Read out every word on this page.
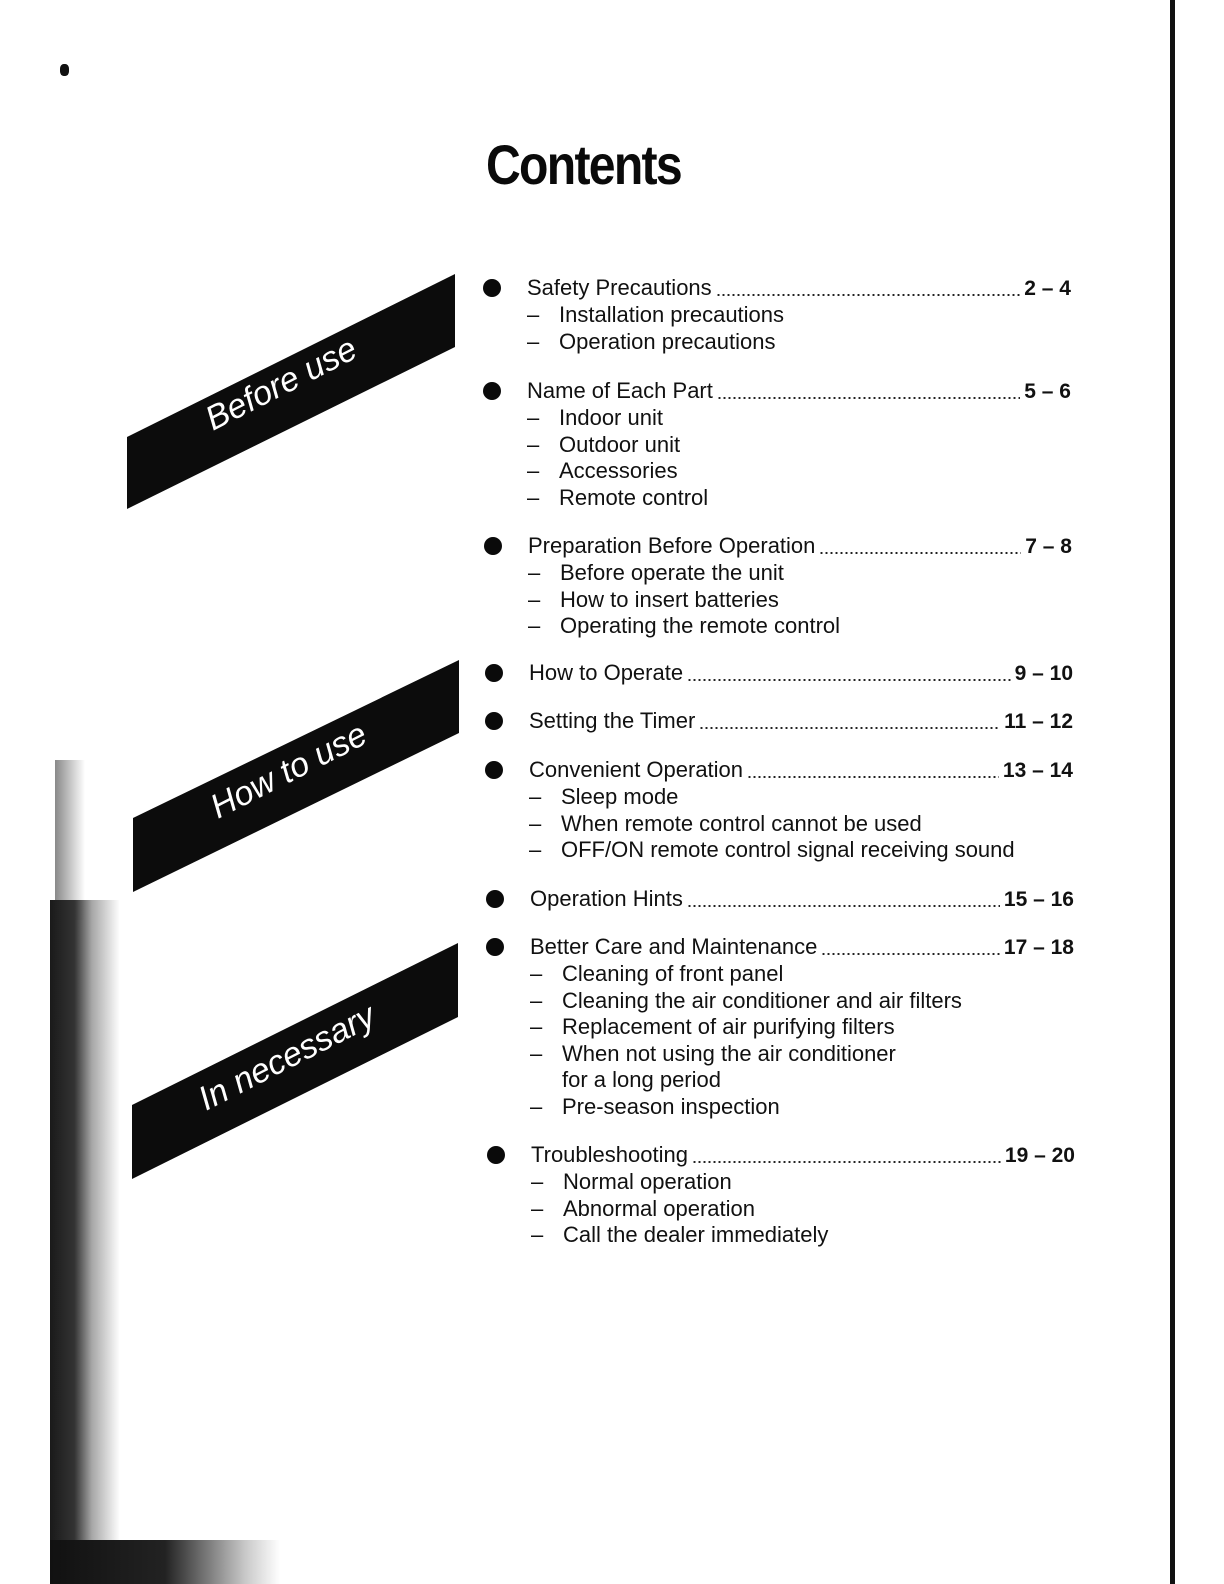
Contents
Before use
How to use
In necessary
Safety Precautions	2 – 4
– Installation precautions
– Operation precautions
Name of Each Part	5 – 6
– Indoor unit
– Outdoor unit
– Accessories
– Remote control
Preparation Before Operation	7 – 8
– Before operate the unit
– How to insert batteries
– Operating the remote control
How to Operate	9 – 10
Setting the Timer	11 – 12
Convenient Operation	13 – 14
– Sleep mode
– When remote control cannot be used
– OFF/ON remote control signal receiving sound
Operation Hints	15 – 16
Better Care and Maintenance	17 – 18
– Cleaning of front panel
– Cleaning the air conditioner and air filters
– Replacement of air purifying filters
– When not using the air conditioner
for a long period
– Pre-season inspection
Troubleshooting	19 – 20
– Normal operation
– Abnormal operation
– Call the dealer immediately
